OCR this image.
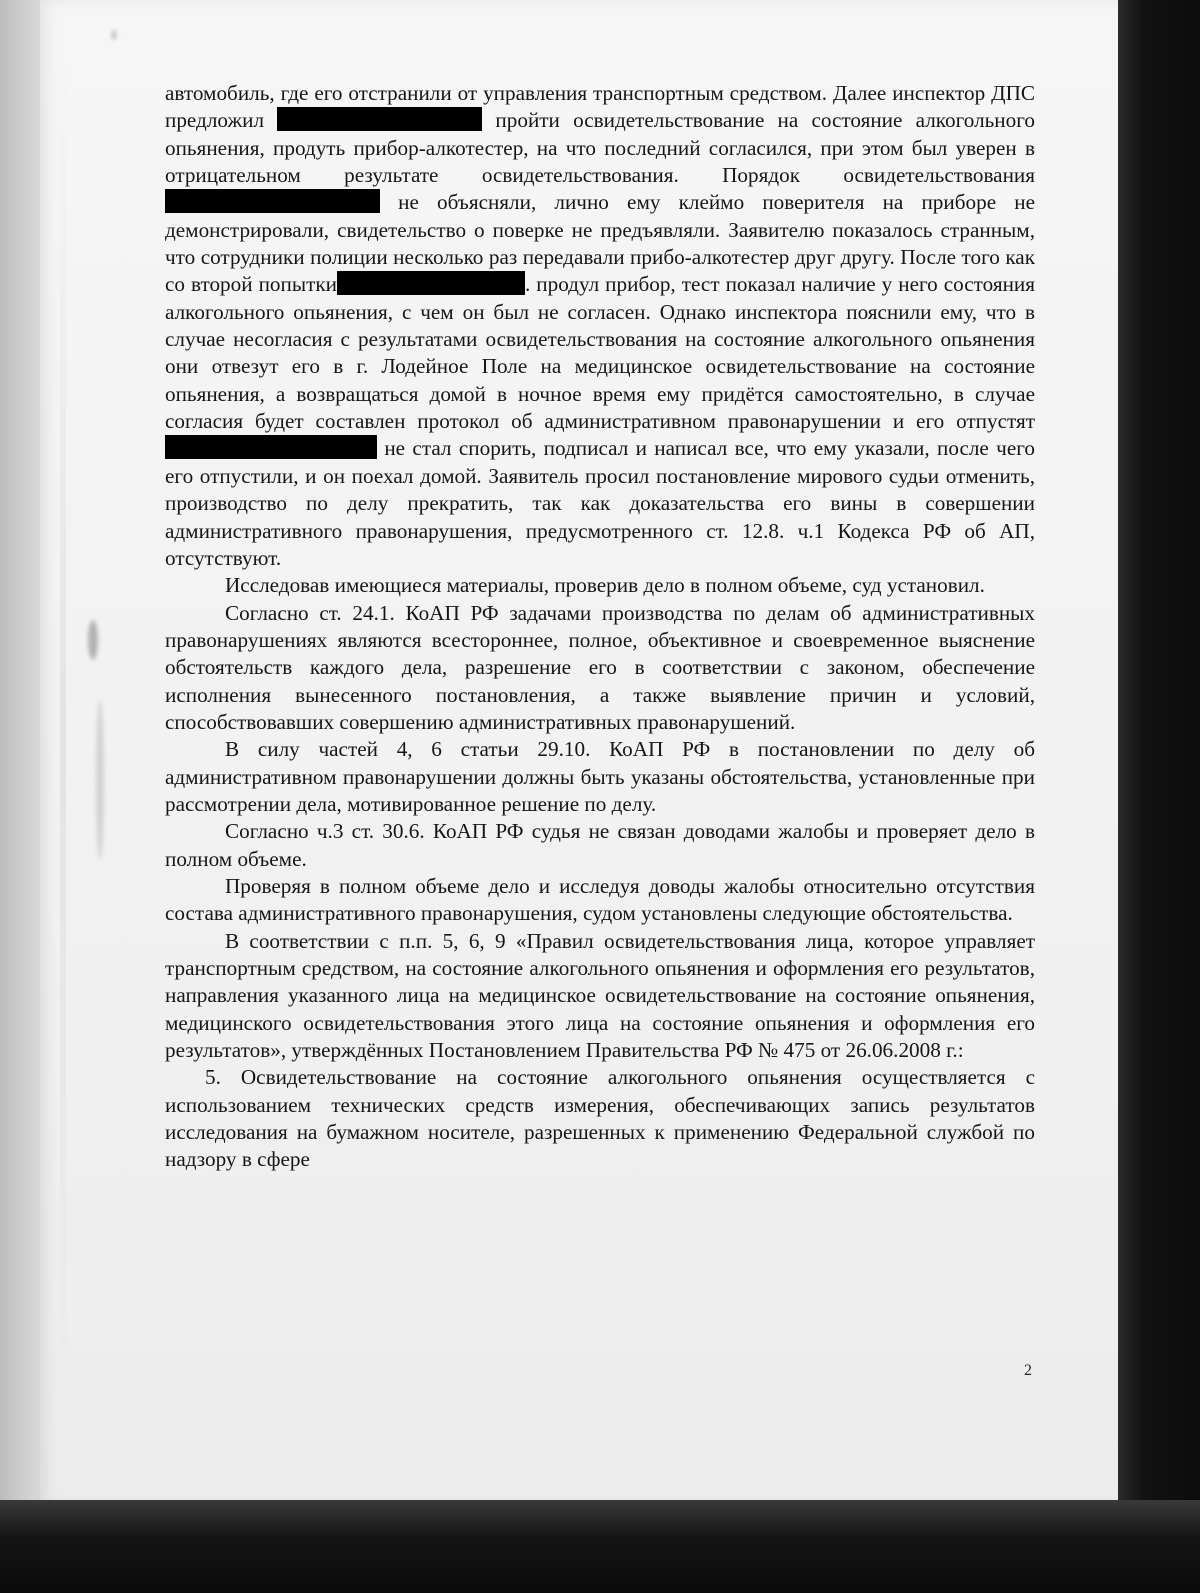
автомобиль, где его отстранили от управления транспортным средством. Далее инспектор ДПС предложил	пройти освидетельствование на состояние алкогольного опьянения, продуть прибор-алкотестер, на что последний согласился, при этом был уверен в отрицательном результате освидетельствования. Порядок освидетельствования  не объясняли, лично ему клеймо поверителя на приборе не демонстрировали, свидетельство о поверке не предъявляли. Заявителю показалось странным, что сотрудники полиции несколько раз передавали прибо-алкотестер друг другу. После того как со второй попытки	. продул прибор, тест показал наличие у него состояния алкогольного опьянения, с чем он был не согласен. Однако инспектора пояснили ему, что в случае несогласия с результатами освидетельствования на состояние алкогольного опьянения они отвезут его в г. Лодейное Поле на медицинское освидетельствование на состояние опьянения, а возвращаться домой в ночное время ему придётся самостоятельно, в случае согласия будет составлен протокол об административном правонарушении и его отпустят не стал спорить, подписал и написал все, что ему указали, после чего его отпустили, и он поехал домой. Заявитель просил постановление мирового судьи отменить, производство по делу прекратить, так как доказательства его вины в совершении административного правонарушения, предусмотренного ст. 12.8. ч.1 Кодекса РФ об АП, отсутствуют.

Исследовав имеющиеся материалы, проверив дело в полном объеме, суд установил.

Согласно ст. 24.1. КоАП РФ задачами производства по делам об административных правонарушениях являются всестороннее, полное, объективное и своевременное выяснение обстоятельств каждого дела, разрешение его в соответствии с законом, обеспечение исполнения вынесенного постановления, а также выявление причин и условий, способствовавших совершению административных правонарушений.

В силу частей 4, 6 статьи 29.10. КоАП РФ в постановлении по делу об административном правонарушении должны быть указаны обстоятельства, установленные при рассмотрении дела, мотивированное решение по делу.

Согласно ч.3 ст. 30.6. КоАП РФ судья не связан доводами жалобы и проверяет дело в полном объеме.

Проверяя в полном объеме дело и исследуя доводы жалобы относительно отсутствия состава административного правонарушения, судом установлены следующие обстоятельства.

В соответствии с п.п. 5, 6, 9 «Правил освидетельствования лица, которое управляет транспортным средством, на состояние алкогольного опьянения и оформления его результатов, направления указанного лица на медицинское освидетельствование на состояние опьянения, медицинского освидетельствования этого лица на состояние опьянения и оформления его результатов», утверждённых Постановлением Правительства РФ № 475 от 26.06.2008 г.:

5. Освидетельствование на состояние алкогольного опьянения осуществляется с использованием технических средств измерения, обеспечивающих запись результатов исследования на бумажном носителе, разрешенных к применению Федеральной службой по надзору в сфере

2
